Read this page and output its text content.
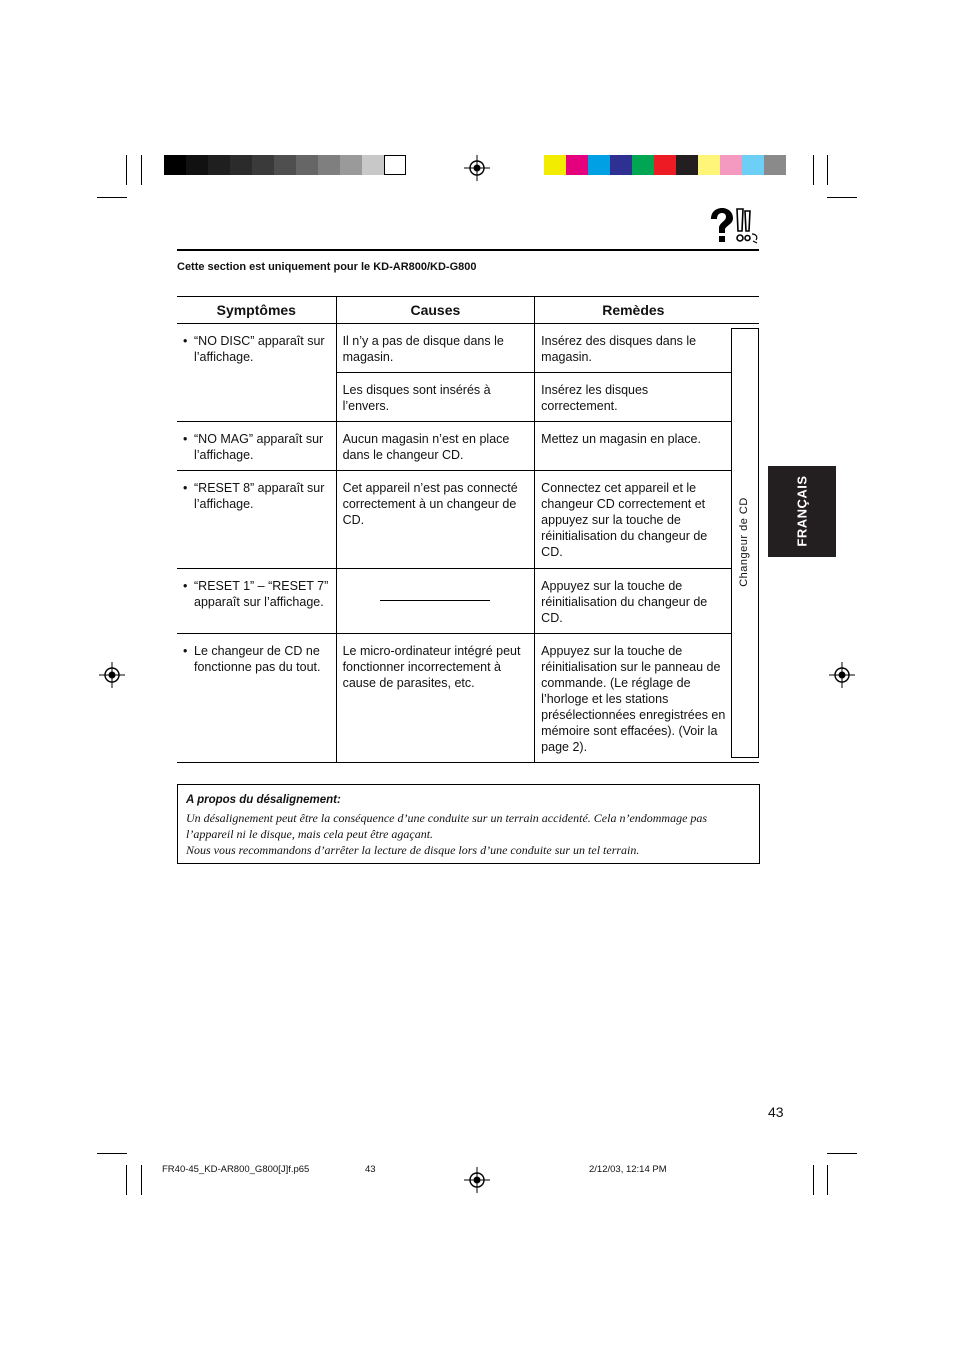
Cette section est uniquement pour le KD-AR800/KD-G800
Symptômes	Causes	Remèdes	

• “NO DISC” apparaît sur l’affichage.	Il n’y a pas de disque dans le magasin.	Insérez des disques dans le magasin.	
	Les disques sont insérés à l’envers.	Insérez les disques correctement.	

• “NO MAG” apparaît sur l’affichage.	Aucun magasin n’est en place dans le changeur CD.	Mettez un magasin en place.	

• “RESET 8” apparaît sur l’affichage.	Cet appareil n’est pas connecté correctement à un changeur de CD.	Connectez cet appareil et le changeur CD correctement et appuyez sur la touche de réinitialisation du changeur de CD.	

• “RESET 1” – “RESET 7” apparaît sur l’affichage.		Appuyez sur la touche de réinitialisation du changeur de CD.	

• Le changeur de CD ne fonctionne pas du tout.	Le micro-ordinateur intégré peut fonctionner incorrectement à cause de parasites, etc.	Appuyez sur la touche de réinitialisation sur le panneau de commande. (Le réglage de l’horloge et les stations présélectionnées enregistrées en mémoire sont effacées). (Voir la page 2).	
Changeur de CD	FRANÇAIS
A propos du désalignement:
Un désalignement peut être la conséquence d’une conduite sur un terrain accidenté. Cela n’endommage pas l’appareil ni le disque, mais cela peut être agaçant.
Nous vous recommandons d’arrêter la lecture de disque lors d’une conduite sur un tel terrain.
43
FR40-45_KD-AR800_G800[J]f.p65	43	2/12/03, 12:14 PM
